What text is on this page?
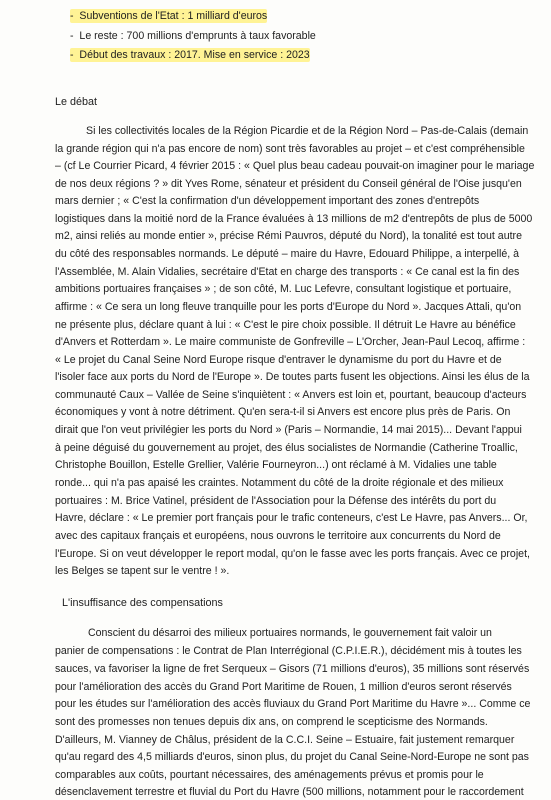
-  Subventions de l'Etat : 1 milliard d'euros
-  Le reste : 700 millions d'emprunts à taux favorable
-  Début des travaux : 2017. Mise en service : 2023
Le débat
Si les collectivités locales de la Région Picardie et de la Région Nord – Pas-de-Calais (demain
la grande région qui n'a pas encore de nom) sont très favorables au projet – et c'est compréhensible
– (cf Le Courrier Picard, 4 février 2015 : « Quel plus beau cadeau pouvait-on imaginer pour le mariage
de nos deux régions ? » dit Yves Rome, sénateur et président du Conseil général de l'Oise jusqu'en
mars dernier ; « C'est la confirmation d'un développement important des zones d'entrepôts
logistiques dans la moitié nord de la France évaluées à 13 millions de m2 d'entrepôts de plus de 5000
m2, ainsi reliés au monde entier », précise Rémi Pauvros, député du Nord), la tonalité est tout autre
du côté des responsables normands. Le député – maire du Havre, Edouard Philippe, a interpellé, à
l'Assemblée, M. Alain Vidalies, secrétaire d'Etat en charge des transports : « Ce canal est la fin des
ambitions portuaires françaises » ; de son côté, M. Luc Lefevre, consultant logistique et portuaire,
affirme : « Ce sera un long fleuve tranquille pour les ports d'Europe du Nord ». Jacques Attali, qu'on
ne présente plus, déclare quant à lui : « C'est le pire choix possible. Il détruit Le Havre au bénéfice
d'Anvers et Rotterdam ». Le maire communiste de Gonfreville – L'Orcher, Jean-Paul Lecoq, affirme :
« Le projet du Canal Seine Nord Europe risque d'entraver le dynamisme du port du Havre et de
l'isoler face aux ports du Nord de l'Europe ». De toutes parts fusent les objections. Ainsi les élus de la
communauté Caux – Vallée de Seine s'inquiètent : « Anvers est loin et, pourtant, beaucoup d'acteurs
économiques y vont à notre détriment. Qu'en sera-t-il si Anvers est encore plus près de Paris. On
dirait que l'on veut privilégier les ports du Nord » (Paris – Normandie, 14 mai 2015)... Devant l'appui
à peine déguisé du gouvernement au projet, des élus socialistes de Normandie (Catherine Troallic,
Christophe Bouillon, Estelle Grellier, Valérie Fourneyron...) ont réclamé à M. Vidalies une table
ronde... qui n'a pas apaisé les craintes. Notamment du côté de la droite régionale et des milieux
portuaires : M. Brice Vatinel, président de l'Association pour la Défense des intérêts du port du
Havre, déclare : « Le premier port français pour le trafic conteneurs, c'est Le Havre, pas Anvers... Or,
avec des capitaux français et européens, nous ouvrons le territoire aux concurrents du Nord de
l'Europe. Si on veut développer le report modal, qu'on le fasse avec les ports français. Avec ce projet,
les Belges se tapent sur le ventre ! ».
L'insuffisance des compensations
Conscient du désarroi des milieux portuaires normands, le gouvernement fait valoir un
panier de compensations : le Contrat de Plan Interrégional (C.P.I.E.R.), décidément mis à toutes les
sauces, va favoriser la ligne de fret Serqueux – Gisors (71 millions d'euros), 35 millions sont réservés
pour l'amélioration des accès du Grand Port Maritime de Rouen, 1 million d'euros seront réservés
pour les études sur l'amélioration des accès fluviaux du Grand Port Maritime du Havre »... Comme ce
sont des promesses non tenues depuis dix ans, on comprend le scepticisme des Normands.
D'ailleurs, M. Vianney de Châlus, président de la C.C.I. Seine – Estuaire, fait justement remarquer
qu'au regard des 4,5 milliards d'euros, sinon plus, du projet du Canal Seine-Nord-Europe ne sont pas
comparables aux coûts, pourtant nécessaires, des aménagements prévus et promis pour le
désenclavement terrestre et fluvial du Port du Havre (500 millions, notamment pour le raccordement
